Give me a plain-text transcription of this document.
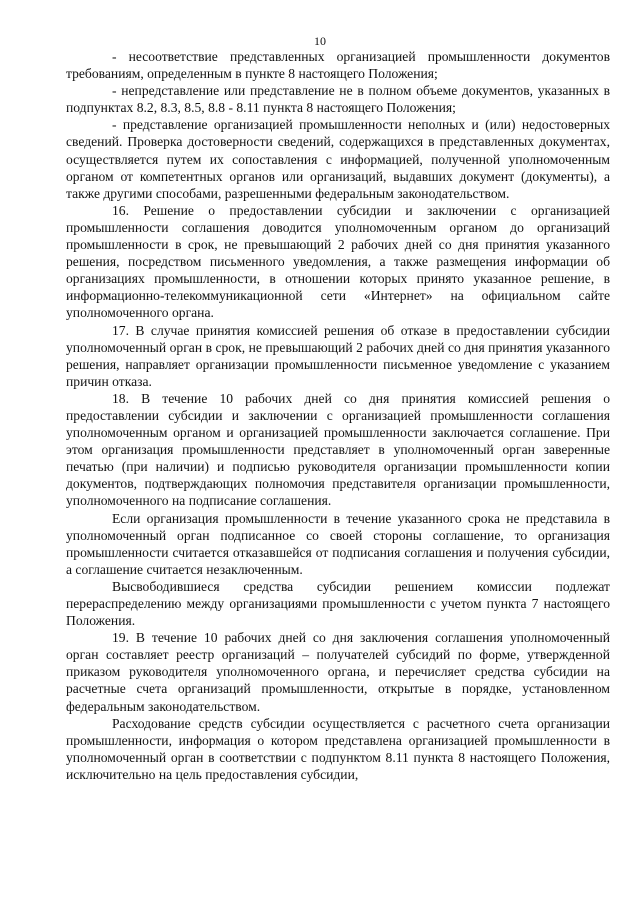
10

- несоответствие представленных организацией промышленности документов требованиям, определенным в пункте 8 настоящего Положения;

- непредставление или представление не в полном объеме документов, указанных в подпунктах 8.2, 8.3, 8.5, 8.8 - 8.11 пункта 8 настоящего Положения;

- представление организацией промышленности неполных и (или) недостоверных сведений. Проверка достоверности сведений, содержащихся в представленных документах, осуществляется путем их сопоставления с информацией, полученной уполномоченным органом от компетентных органов или организаций, выдавших документ (документы), а также другими способами, разрешенными федеральным законодательством.

16. Решение о предоставлении субсидии и заключении с организацией промышленности соглашения доводится уполномоченным органом до организаций промышленности в срок, не превышающий 2 рабочих дней со дня принятия указанного решения, посредством письменного уведомления, а также размещения информации об организациях промышленности, в отношении которых принято указанное решение, в информационно-телекоммуникационной сети «Интернет» на официальном сайте уполномоченного органа.

17. В случае принятия комиссией решения об отказе в предоставлении субсидии уполномоченный орган в срок, не превышающий 2 рабочих дней со дня принятия указанного решения, направляет организации промышленности письменное уведомление с указанием причин отказа.

18. В течение 10 рабочих дней со дня принятия комиссией решения о предоставлении субсидии и заключении с организацией промышленности соглашения уполномоченным органом и организацией промышленности заключается соглашение. При этом организация промышленности представляет в уполномоченный орган заверенные печатью (при наличии) и подписью руководителя организации промышленности копии документов, подтверждающих полномочия представителя организации промышленности, уполномоченного на подписание соглашения.

Если организация промышленности в течение указанного срока не представила в уполномоченный орган подписанное со своей стороны соглашение, то организация промышленности считается отказавшейся от подписания соглашения и получения субсидии, а соглашение считается незаключенным.

Высвободившиеся средства субсидии решением комиссии подлежат перераспределению между организациями промышленности с учетом пункта 7 настоящего Положения.

19. В течение 10 рабочих дней со дня заключения соглашения уполномоченный орган составляет реестр организаций – получателей субсидий по форме, утвержденной приказом руководителя уполномоченного органа, и перечисляет средства субсидии на расчетные счета организаций промышленности, открытые в порядке, установленном федеральным законодательством.

Расходование средств субсидии осуществляется с расчетного счета организации промышленности, информация о котором представлена организацией промышленности в уполномоченный орган в соответствии с подпунктом 8.11 пункта 8 настоящего Положения, исключительно на цель предоставления субсидии,
